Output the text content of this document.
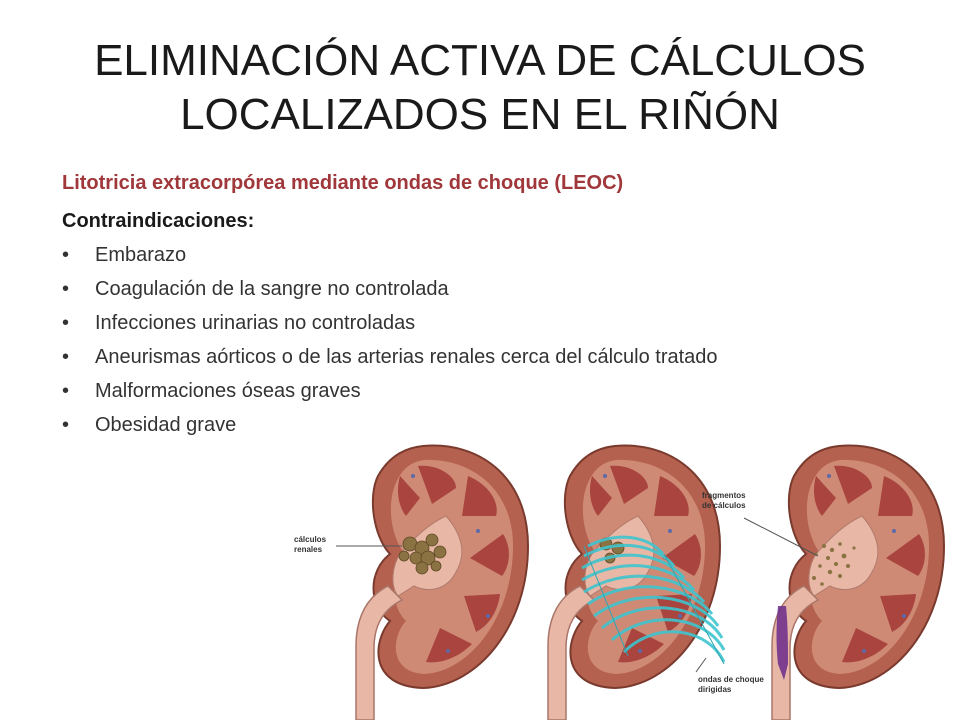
ELIMINACIÓN ACTIVA DE CÁLCULOS
LOCALIZADOS EN EL RIÑÓN
Litotricia extracorpórea mediante ondas de choque (LEOC)
Contraindicaciones:
• Embarazo
• Coagulación de la sangre no controlada
• Infecciones urinarias no controladas
• Aneurismas aórticos o de las arterias renales cerca del cálculo tratado
• Malformaciones óseas graves
• Obesidad grave
cálculos
renales
ondas de choque
dirigidas
fragmentos
de cálculos
